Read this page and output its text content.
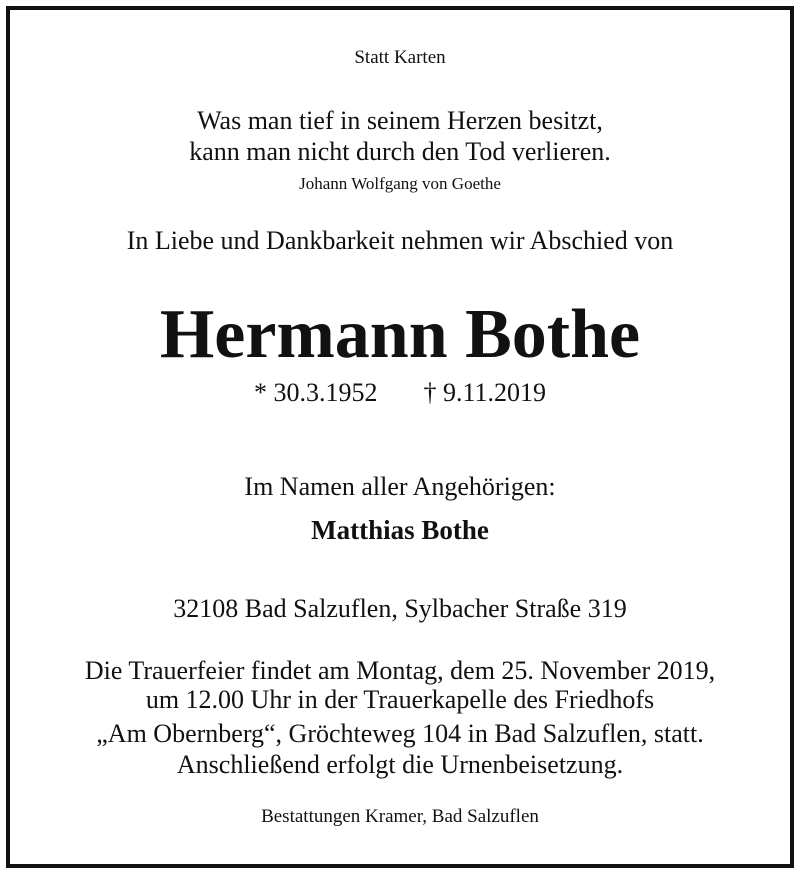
Statt Karten
Was man tief in seinem Herzen besitzt,
kann man nicht durch den Tod verlieren.
Johann Wolfgang von Goethe
In Liebe und Dankbarkeit nehmen wir Abschied von
Hermann Bothe
* 30.3.1952 † 9.11.2019
Im Namen aller Angehörigen:
Matthias Bothe
32108 Bad Salzuflen, Sylbacher Straße 319
Die Trauerfeier findet am Montag, dem 25. November 2019,
um 12.00 Uhr in der Trauerkapelle des Friedhofs
„Am Obernberg“, Gröchteweg 104 in Bad Salzuflen, statt.
Anschließend erfolgt die Urnenbeisetzung.
Bestattungen Kramer, Bad Salzuflen
